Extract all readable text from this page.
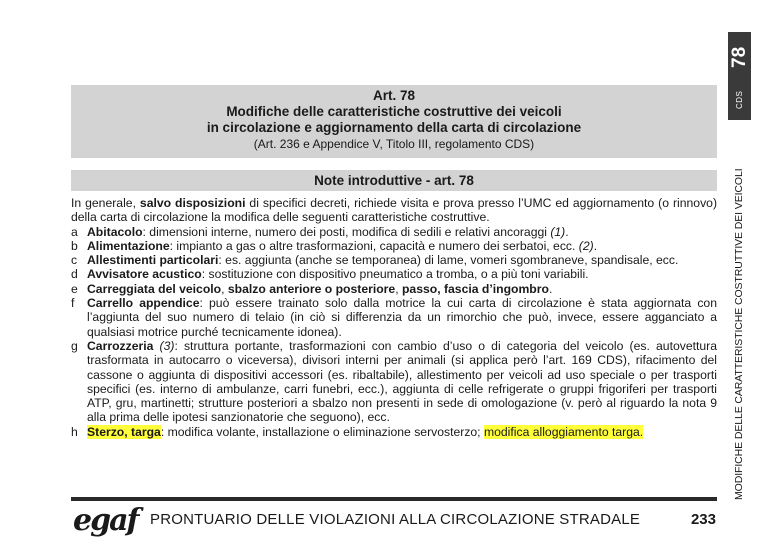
78
CDS
MODIFICHE DELLE CARATTERISTICHE COSTRUTTIVE DEI VEICOLI
Art. 78
Modifiche delle caratteristiche costruttive dei veicoli
in circolazione e aggiornamento della carta di circolazione
(Art. 236 e Appendice V, Titolo III, regolamento CDS)
Note introduttive - art. 78

In generale, salvo disposizioni di specifici decreti, richiede visita e prova presso l’UMC ed aggiornamento (o rinnovo) della carta di circolazione la modifica delle seguenti caratteristiche costruttive.

a Abitacolo: dimensioni interne, numero dei posti, modifica di sedili e relativi ancoraggi (1).
b Alimentazione: impianto a gas o altre trasformazioni, capacità e numero dei serbatoi, ecc. (2).
c Allestimenti particolari: es. aggiunta (anche se temporanea) di lame, vomeri sgombraneve, spandisale, ecc.
d Avvisatore acustico: sostituzione con dispositivo pneumatico a tromba, o a più toni variabili.
e Carreggiata del veicolo, sbalzo anteriore o posteriore, passo, fascia d’ingombro.
f	Carrello appendice: può essere trainato solo dalla motrice la cui carta di circolazione è stata aggiornata con l’aggiunta del suo numero di telaio (in ciò si differenzia da un rimorchio che può, invece, essere agganciato a qualsiasi motrice purché tecnicamente idonea).
g Carrozzeria (3): struttura portante, trasformazioni con cambio d’uso o di categoria del veicolo (es. autovettura trasformata in autocarro o viceversa), divisori interni per animali (si applica però l’art. 169 CDS), rifacimento del cassone o aggiunta di dispositivi accessori (es. ribaltabile), allestimento per veicoli ad uso speciale o per trasporti specifici (es. interno di ambulanze, carri funebri, ecc.), aggiunta di celle refrigerate o gruppi frigoriferi per trasporti ATP, gru, martinetti; strutture posteriori a sbalzo non presenti in sede di omologazione (v. però al riguardo la nota 9 alla prima delle ipotesi sanzionatorie che seguono), ecc.
h Sterzo, targa: modifica volante, installazione o eliminazione servosterzo; modifica alloggiamento targa.
egaf PRONTUARIO DELLE VIOLAZIONI ALLA CIRCOLAZIONE STRADALE	233
